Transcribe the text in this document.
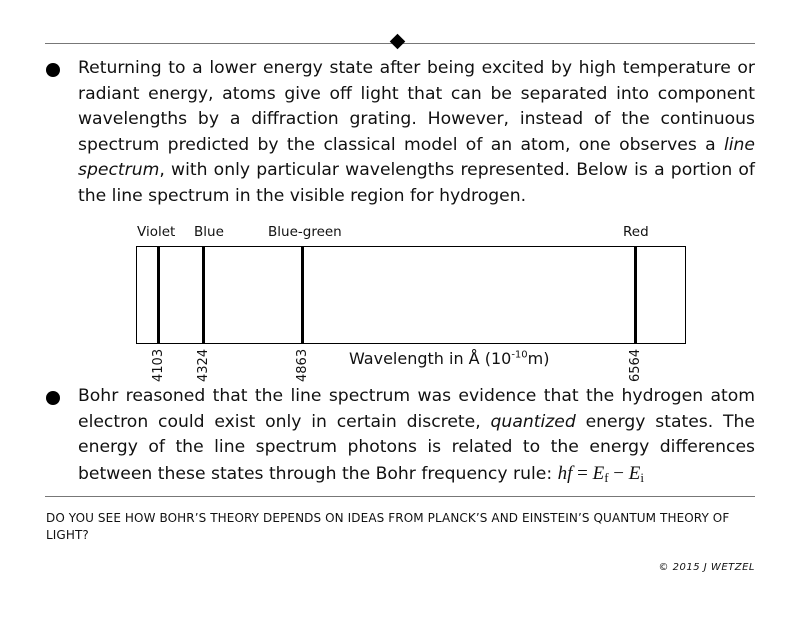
Returning to a lower energy state after being excited by high temperature or radiant energy, atoms give off light that can be separated into component wavelengths by a diffraction grating. However, instead of the continuous spectrum predicted by the classical model of an atom, one observes a line spectrum, with only particular wavelengths represented. Below is a portion of the line spectrum in the visible region for hydrogen.
Violet Blue	Blue-green	Red
4103 4324	4863	6564
Wavelength in Å $(10^{-10}m)$
Bohr reasoned that the line spectrum was evidence that the hydrogen atom electron could exist only in certain discrete, quantized energy states. The energy of the line spectrum photons is related to the energy differences between these states through the Bohr frequency rule: hf = $E_f - E_i$
DO YOU SEE HOW BOHR’S THEORY DEPENDS ON IDEAS FROM PLANCK’S AND EINSTEIN’S QUANTUM THEORY OF LIGHT?
© 2015 J WETZEL
